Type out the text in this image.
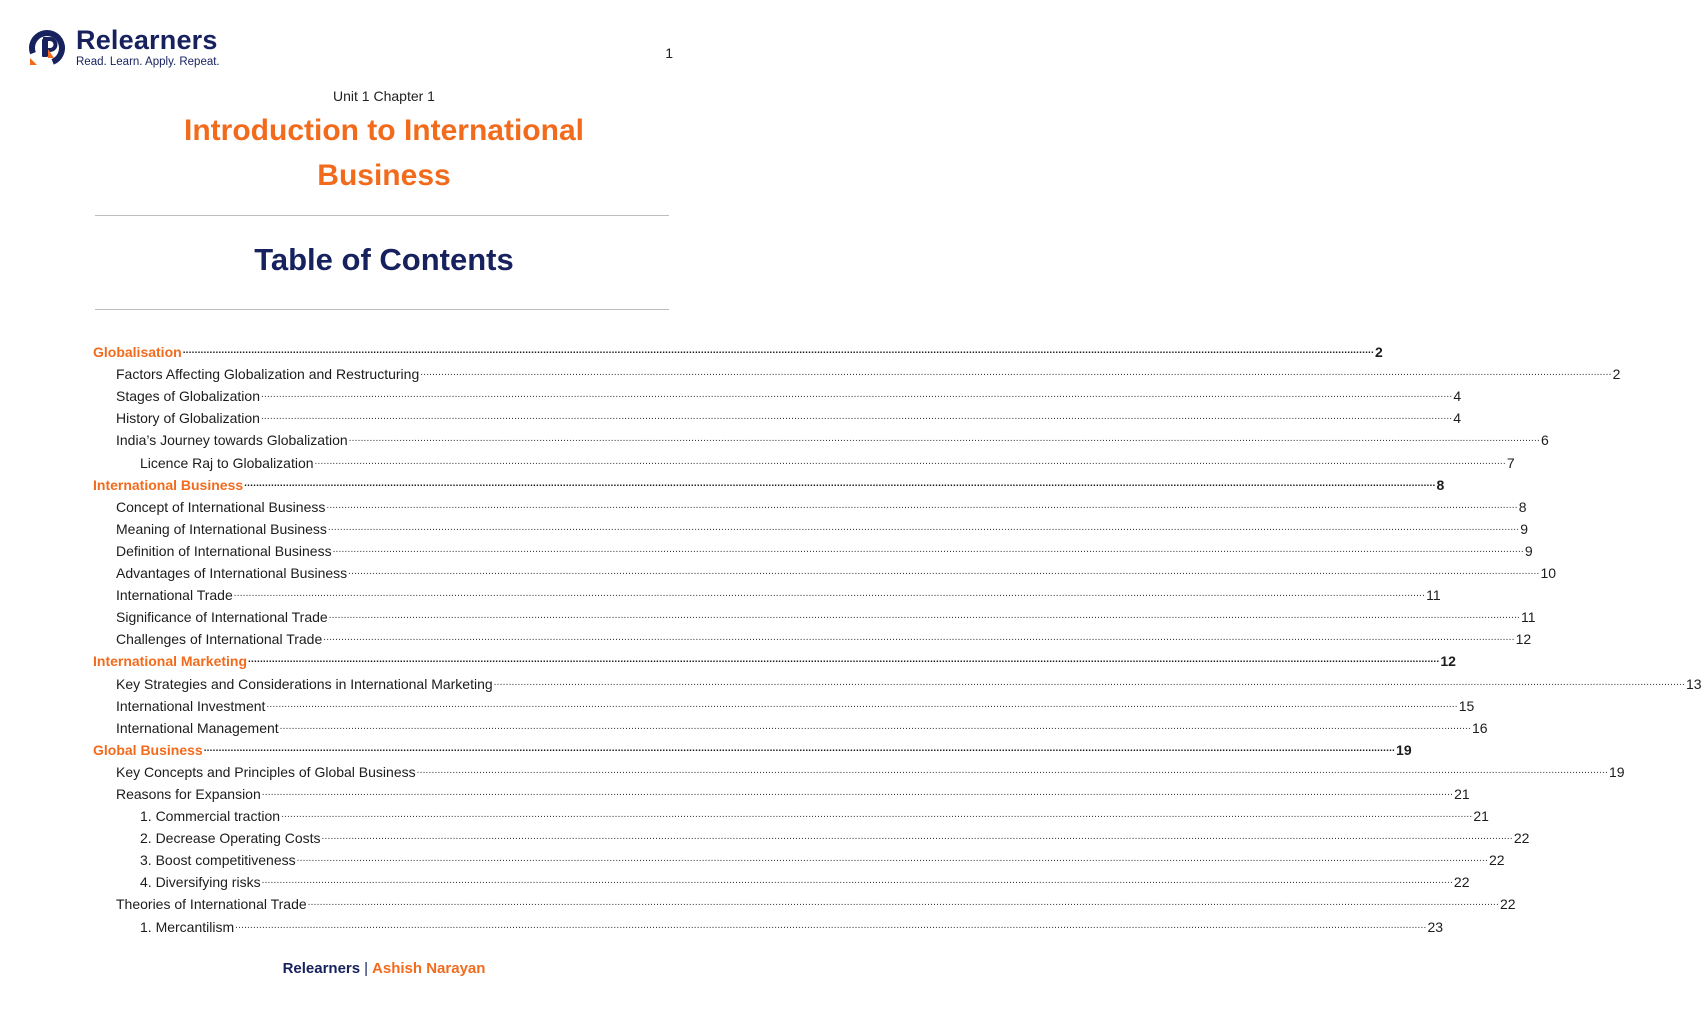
Relearners
Read. Learn. Apply. Repeat.
1
Unit 1 Chapter 1
Introduction to International Business
Table of Contents
Globalisation ................................................................................................................................................................................................................................................................................................................................................................................................................ 2
Factors Affecting Globalization and Restructuring ................................................................................................................................................................................................................................................................................................................................................................................................................ 2
Stages of Globalization ................................................................................................................................................................................................................................................................................................................................................................................................................ 4
History of Globalization ................................................................................................................................................................................................................................................................................................................................................................................................................ 4
India’s Journey towards Globalization ................................................................................................................................................................................................................................................................................................................................................................................................................ 6
Licence Raj to Globalization ................................................................................................................................................................................................................................................................................................................................................................................................................ 7
International Business ................................................................................................................................................................................................................................................................................................................................................................................................................ 8
Concept of International Business ................................................................................................................................................................................................................................................................................................................................................................................................................ 8
Meaning of International Business ................................................................................................................................................................................................................................................................................................................................................................................................................ 9
Definition of International Business ................................................................................................................................................................................................................................................................................................................................................................................................................ 9
Advantages of International Business ................................................................................................................................................................................................................................................................................................................................................................................................................ 10
International Trade ................................................................................................................................................................................................................................................................................................................................................................................................................ 11
Significance of International Trade ................................................................................................................................................................................................................................................................................................................................................................................................................ 11
Challenges of International Trade ................................................................................................................................................................................................................................................................................................................................................................................................................ 12
International Marketing ................................................................................................................................................................................................................................................................................................................................................................................................................ 12
Key Strategies and Considerations in International Marketing ................................................................................................................................................................................................................................................................................................................................................................................................................ 13
International Investment ................................................................................................................................................................................................................................................................................................................................................................................................................ 15
International Management ................................................................................................................................................................................................................................................................................................................................................................................................................ 16
Global Business ................................................................................................................................................................................................................................................................................................................................................................................................................ 19
Key Concepts and Principles of Global Business ................................................................................................................................................................................................................................................................................................................................................................................................................ 19
Reasons for Expansion ................................................................................................................................................................................................................................................................................................................................................................................................................ 21
1. Commercial traction ................................................................................................................................................................................................................................................................................................................................................................................................................ 21
2. Decrease Operating Costs ................................................................................................................................................................................................................................................................................................................................................................................................................ 22
3. Boost competitiveness ................................................................................................................................................................................................................................................................................................................................................................................................................ 22
4. Diversifying risks ................................................................................................................................................................................................................................................................................................................................................................................................................ 22
Theories of International Trade ................................................................................................................................................................................................................................................................................................................................................................................................................ 22
1. Mercantilism ................................................................................................................................................................................................................................................................................................................................................................................................................ 23
Relearners | Ashish Narayan
